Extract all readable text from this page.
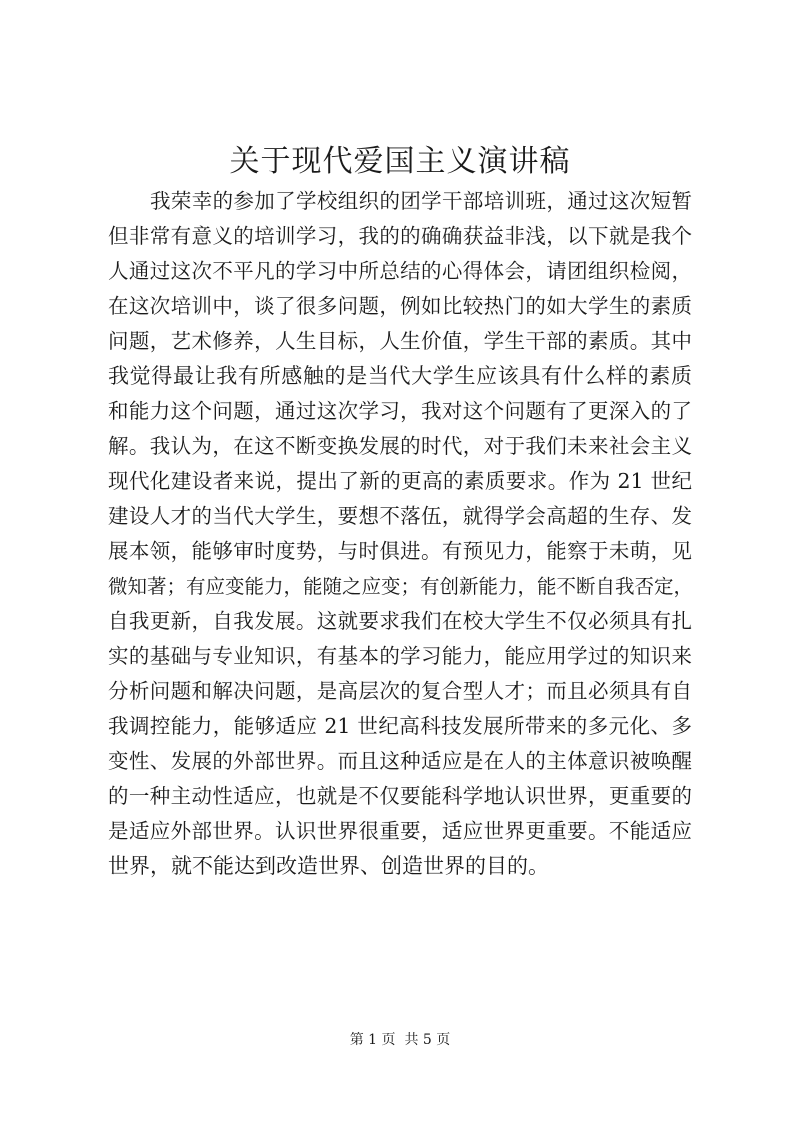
关于现代爱国主义演讲稿
我荣幸的参加了学校组织的团学干部培训班，通过这次短暂
但非常有意义的培训学习，我的的确确获益非浅，以下就是我个
人通过这次不平凡的学习中所总结的心得体会，请团组织检阅，
在这次培训中，谈了很多问题，例如比较热门的如大学生的素质
问题，艺术修养，人生目标，人生价值，学生干部的素质。其中
我觉得最让我有所感触的是当代大学生应该具有什么样的素质
和能力这个问题，通过这次学习，我对这个问题有了更深入的了
解。我认为，在这不断变换发展的时代，对于我们未来社会主义
现代化建设者来说，提出了新的更高的素质要求。作为 21 世纪
建设人才的当代大学生，要想不落伍，就得学会高超的生存、发
展本领，能够审时度势，与时俱进。有预见力，能察于未萌，见
微知著；有应变能力，能随之应变；有创新能力，能不断自我否定，
自我更新，自我发展。这就要求我们在校大学生不仅必须具有扎
实的基础与专业知识，有基本的学习能力，能应用学过的知识来
分析问题和解决问题，是高层次的复合型人才；而且必须具有自
我调控能力，能够适应 21 世纪高科技发展所带来的多元化、多
变性、发展的外部世界。而且这种适应是在人的主体意识被唤醒
的一种主动性适应，也就是不仅要能科学地认识世界，更重要的
是适应外部世界。认识世界很重要，适应世界更重要。不能适应
世界，就不能达到改造世界、创造世界的目的。
第 1 页  共 5 页
